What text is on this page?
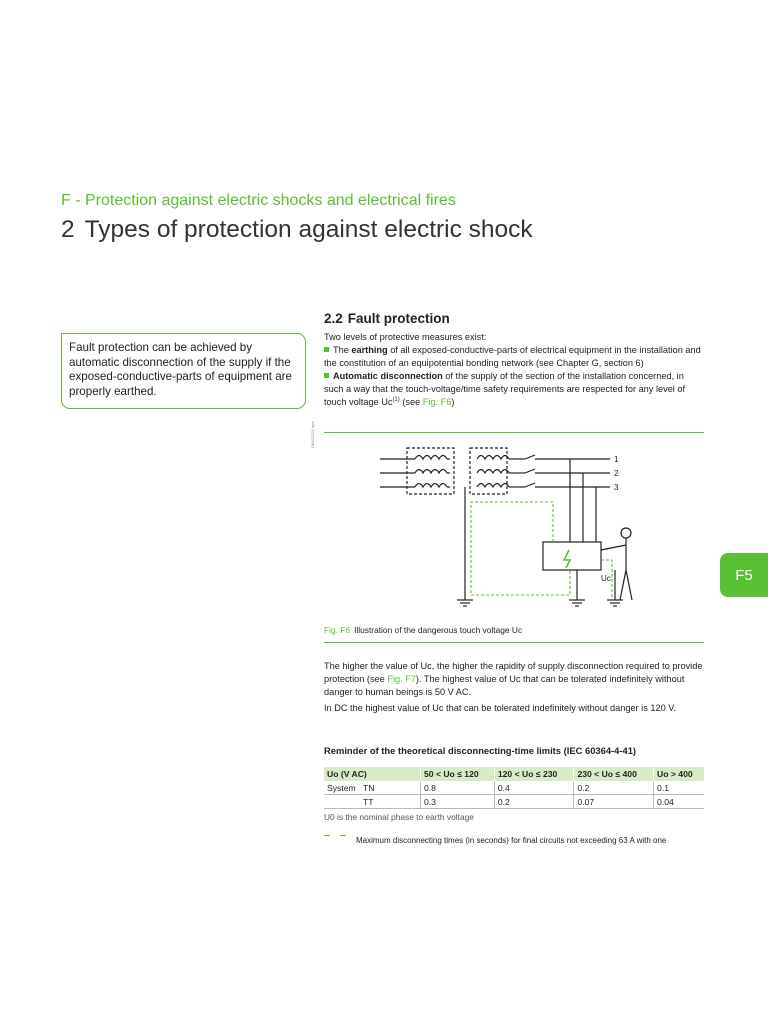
F - Protection against electric shocks and electrical fires
2 Types of protection against electric shock
Fault protection can be achieved by automatic disconnection of the supply if the exposed-conductive-parts of equipment are properly earthed.
2.2 Fault protection

Two levels of protective measures exist:

The earthing of all exposed-conductive-parts of electrical equipment in the installation and the constitution of an equipotential bonding network (see Chapter G, section 6)

Automatic disconnection of the supply of the section of the installation concerned, in such a way that the touch-voltage/time safety requirements are respected for any level of touch voltage Uc$^{(1)}$ (see Fig. F6)

DB422021.eps
1
2
3
Uc
Fig. F6 Illustration of the dangerous touch voltage Uc

The higher the value of Uc, the higher the rapidity of supply disconnection required to provide protection (see Fig. F7). The highest value of Uc that can be tolerated indefinitely without danger to human beings is 50 V AC.

In DC the highest value of Uc that can be tolerated indefinitely without danger is 120 V.

Reminder of the theoretical disconnecting-time limits (IEC 60364-4-41)
Uo (V AC)	50 < Uo ≤ 120	120 < Uo ≤ 230	230 < Uo ≤ 400	Uo > 400
System TN	0.8	0.4	0.2	0.1
TT	0.3	0.2	0.07	0.04
U0 is the nominal phase to earth voltage
Maximum disconnecting times (in seconds) for final circuits not exceeding 63 A with one
F5
